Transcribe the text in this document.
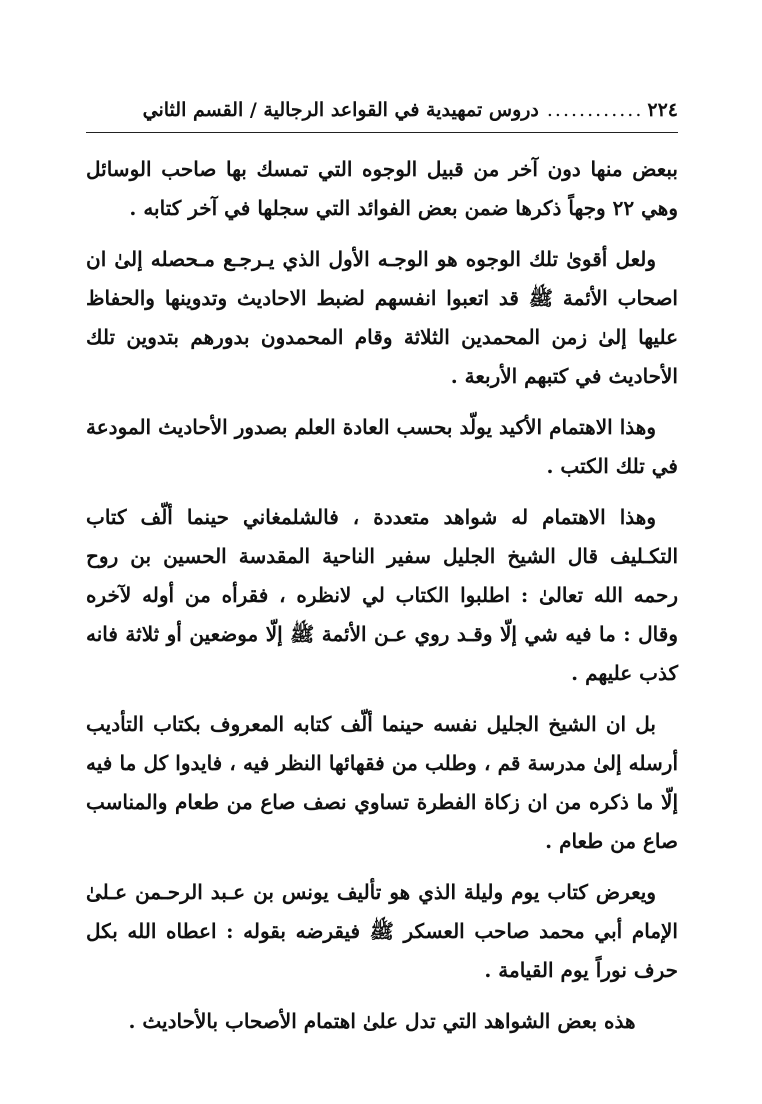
٢٢٤
............
دروس تمهيدية في القواعد الرجالية / القسم الثاني

ببعض منها دون آخر من قبيل الوجوه التي تمسك بها صاحب الوسائل وهي ٢٢ وجهاً ذكرها ضمن بعض الفوائد التي سجلها في آخر كتابه .

ولعل أقوىٰ تلك الوجوه هو الوجـه الأول الذي يـرجـع مـحصله إلىٰ ان اصحاب الأئمة ﷺ قد اتعبوا انفسهم لضبط الاحاديث وتدوينها والحفاظ عليها إلىٰ زمن المحمدين الثلاثة وقام المحمدون بدورهم بتدوين تلك الأحاديث في كتبهم الأربعة .

وهذا الاهتمام الأكيد يولّد بحسب العادة العلم بصدور الأحاديث المودعة في تلك الكتب .

وهذا الاهتمام له شواهد متعددة ، فالشلمغاني حينما ألّف كتاب التكـليف قال الشيخ الجليل سفير الناحية المقدسة الحسين بن روح رحمه الله تعالىٰ : اطلبوا الكتاب لي لانظره ، فقرأه من أوله لآخره وقال : ما فيه شي إلّا وقـد روي عـن الأئمة ﷺ إلّا موضعين أو ثلاثة فانه كذب عليهم .

بل ان الشيخ الجليل نفسه حينما ألّف كتابه المعروف بكتاب التأديب أرسله إلىٰ مدرسة قم ، وطلب من فقهائها النظر فيه ، فايدوا كل ما فيه إلّا ما ذكره من ان زكاة الفطرة تساوي نصف صاع من طعام والمناسب صاع من طعام .

ويعرض كتاب يوم وليلة الذي هو تأليف يونس بن عـبد الرحـمن عـلىٰ الإمام أبي محمد صاحب العسكر ﷺ فيقرضه بقوله : اعطاه الله بكل حرف نوراً يوم القيامة .

هذه بعض الشواهد التي تدل علىٰ اهتمام الأصحاب بالأحاديث .
